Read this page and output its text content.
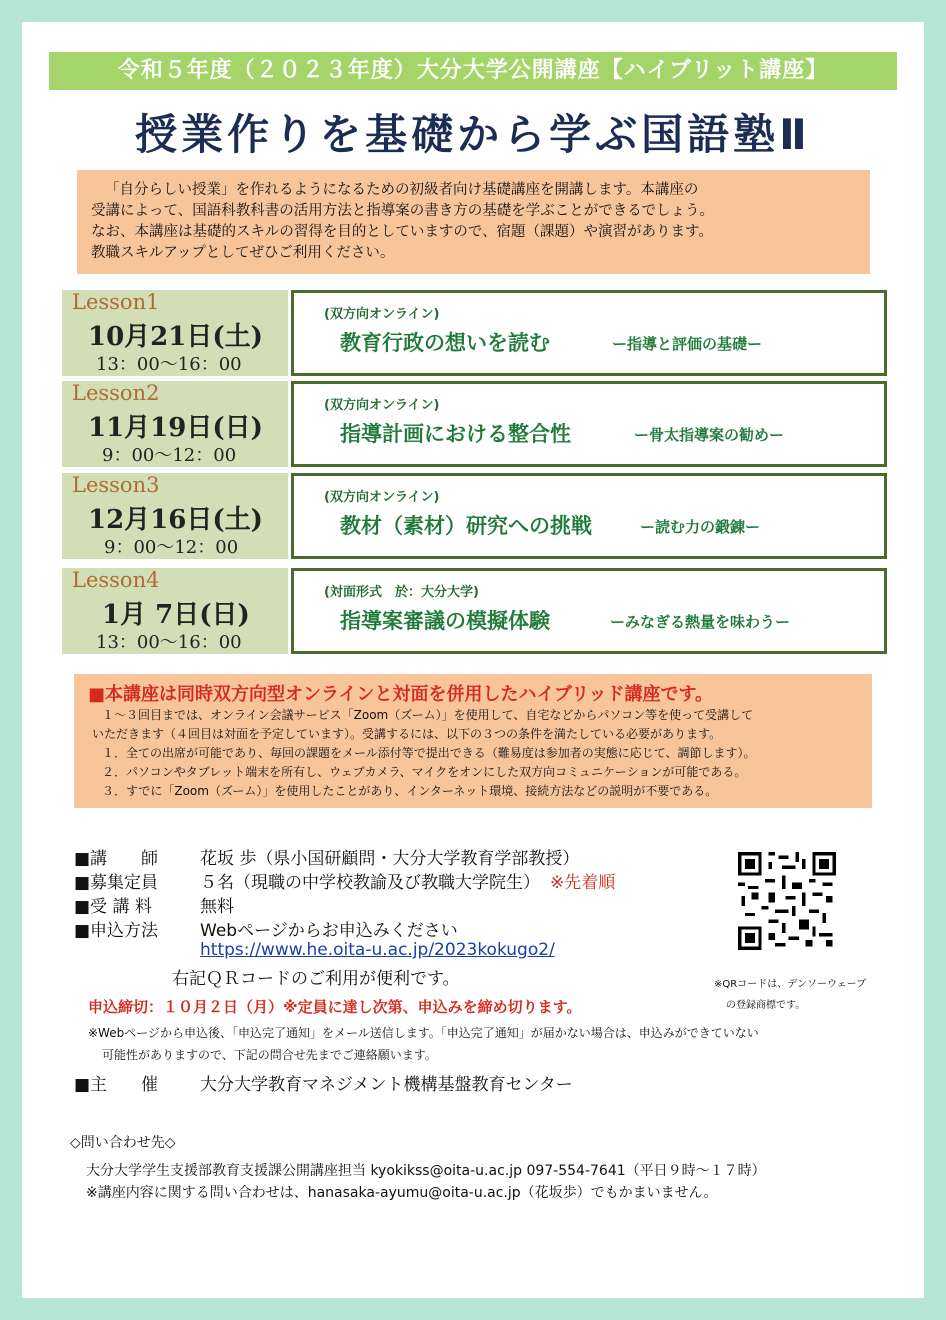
令和５年度（２０２３年度）大分大学公開講座【ハイブリット講座】
授業作りを基礎から学ぶ国語塾Ⅱ

「自分らしい授業」を作れるようになるための初級者向け基礎講座を開講します。本講座の

受講によって、国語科教科書の活用方法と指導案の書き方の基礎を学ぶことができるでしょう。

なお、本講座は基礎的スキルの習得を目的としていますので、宿題（課題）や演習があります。

教職スキルアップとしてぜひご利用ください。

Lesson1
10月21日(土)
13：00〜16：00
(双方向オンライン)
教育行政の想いを読む	ー指導と評価の基礎ー
Lesson2
11月19日(日)
9：00〜12：00
(双方向オンライン)
指導計画における整合性	ー骨太指導案の勧めー
Lesson3
12月16日(土)
9：00〜12：00
(双方向オンライン)
教材（素材）研究への挑戦	ー読む力の鍛錬ー
Lesson4
1月 7日(日)
13：00〜16：00
(対面形式　於：大分大学)
指導案審議の模擬体験	ーみなぎる熱量を味わうー
■本講座は同時双方向型オンラインと対面を併用したハイブリッド講座です。
１〜３回目までは、オンライン会議サービス「Zoom（ズーム）」を使用して、自宅などからパソコン等を使って受講して
いただきます（４回目は対面を予定しています）。受講するには、以下の３つの条件を満たしている必要があります。
１．全ての出席が可能であり、毎回の課題をメール添付等で提出できる（難易度は参加者の実態に応じて、調節します）。
２．パソコンやタブレット端末を所有し、ウェブカメラ、マイクをオンにした双方向コミュニケーションが可能である。
３．すでに「Zoom（ズーム）」を使用したことがあり、インターネット環境、接続方法などの説明が不要である。
■講　　師 花坂 歩（県小国研顧問・大分大学教育学部教授）
■募集定員 ５名（現職の中学校教諭及び教職大学院生） ※先着順
■受 講 料	無料
■申込方法 Webページからお申込みください
https://www.he.oita-u.ac.jp/2023kokugo2/
右記ＱＲコードのご利用が便利です。	※QRコードは、デンソーウェーブ
の登録商標です。
申込締切：１０月２日（月）※定員に達し次第、申込みを締め切ります。
※Webページから申込後、「申込完了通知」をメール送信します。「申込完了通知」が届かない場合は、申込みができていない
可能性がありますので、下記の問合せ先までご連絡願います。
■主　　催 大分大学教育マネジメント機構基盤教育センター
◇問い合わせ先◇
大分大学学生支援部教育支援課公開講座担当 kyokikss@oita-u.ac.jp 097-554-7641（平日９時〜１７時）
※講座内容に関する問い合わせは、hanasaka-ayumu@oita-u.ac.jp（花坂歩）でもかまいません。
